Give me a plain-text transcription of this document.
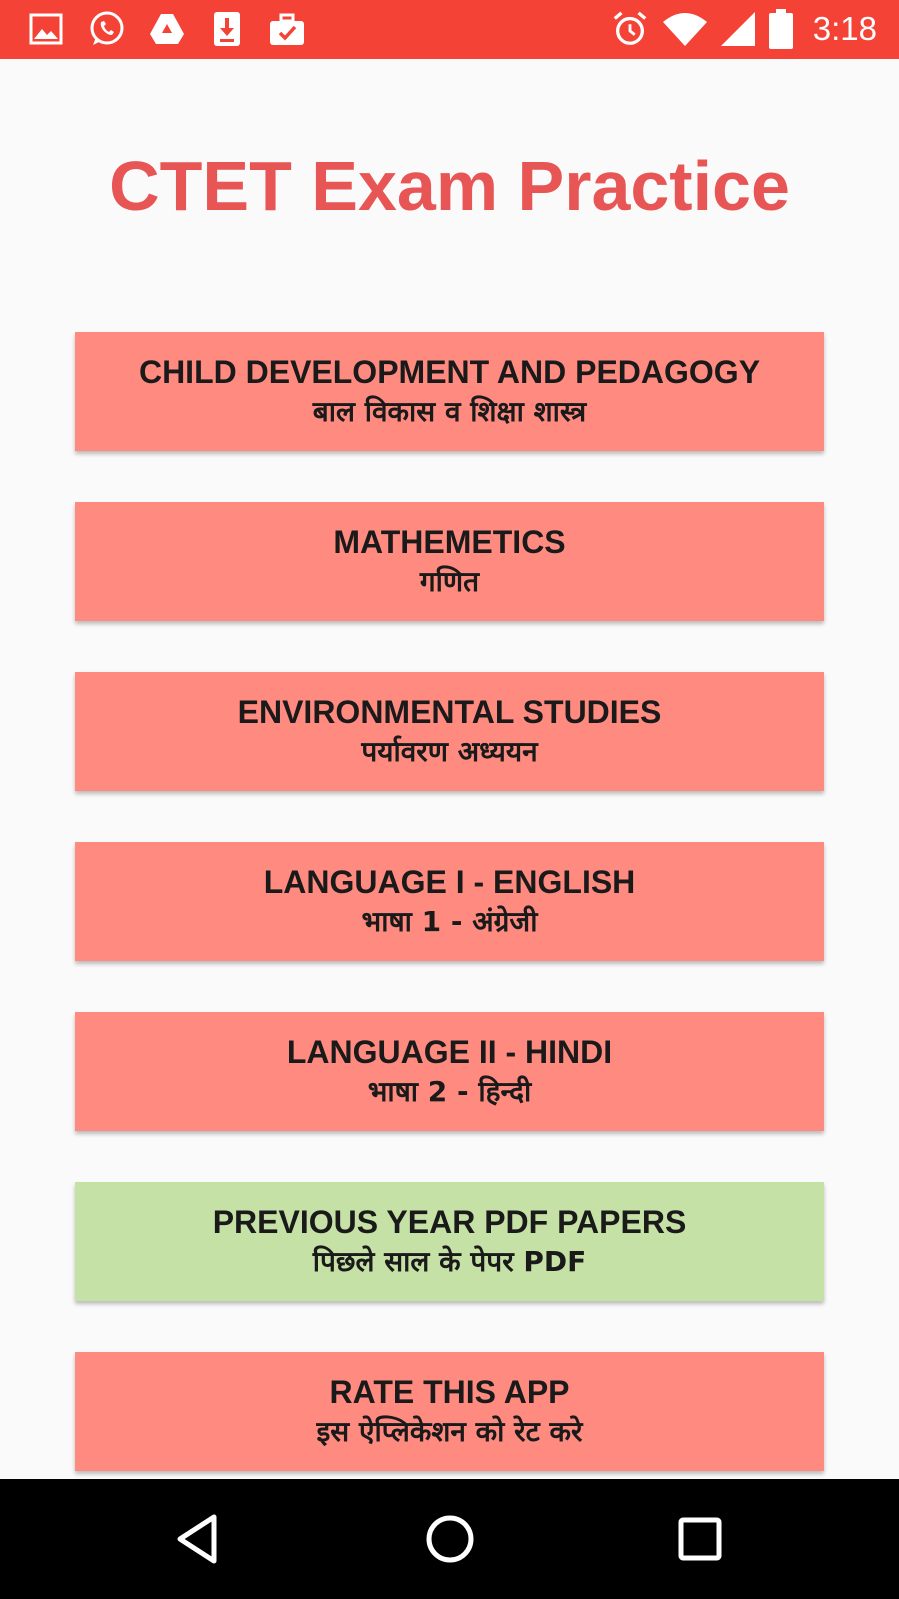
3:18
CTET Exam Practice
CHILD DEVELOPMENT AND PEDAGOGY
बाल विकास व शिक्षा शास्त्र
MATHEMETICS
गणित
ENVIRONMENTAL STUDIES
पर्यावरण अध्ययन
LANGUAGE I - ENGLISH
भाषा 1 - अंग्रेजी
LANGUAGE II - HINDI
भाषा 2 - हिन्दी
PREVIOUS YEAR PDF PAPERS
पिछले साल के पेपर PDF
RATE THIS APP
इस ऐप्लिकेशन को रेट करे
